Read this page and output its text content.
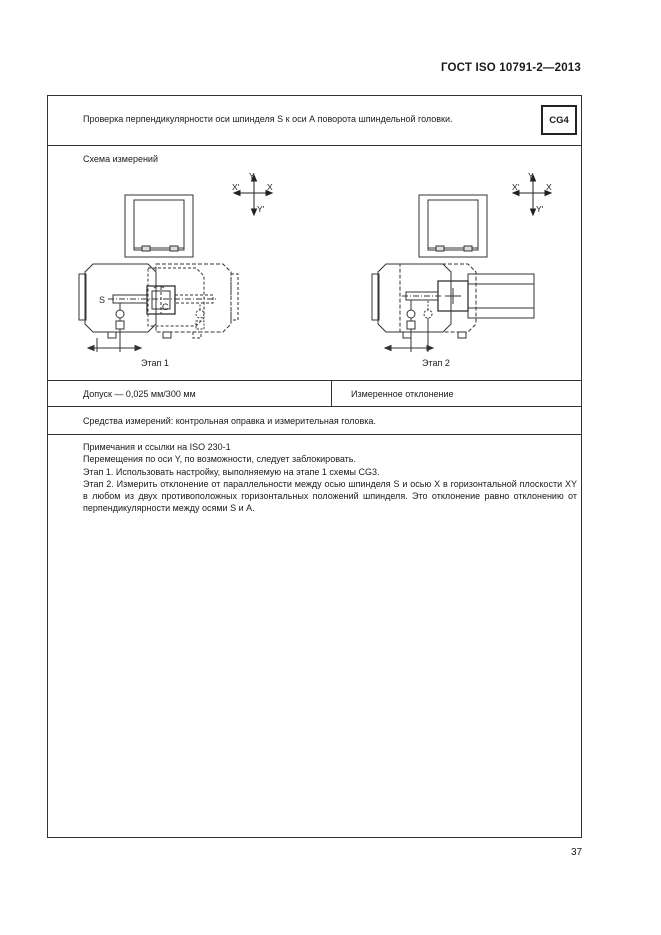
ГОСТ ISO 10791-2—2013
Проверка перпендикулярности оси шпинделя S к оси А поворота шпиндельной головки.	CG4
Схема измерений
Y
Y'
X
X'
S
C
Y
Y'
X
X'
Этап 1	Этап 2
Допуск — 0,025 мм/300 мм	Измеренное отклонение
Средства измерений: контрольная оправка и измерительная головка.

Примечания и ссылки на ISO 230-1

Перемещения по оси Y, по возможности, следует заблокировать.

Этап 1. Использовать настройку, выполняемую на этапе 1 схемы CG3.

Этап 2. Измерить отклонение от параллельности между осью шпинделя S и осью X в горизонтальной плоскости XY в любом из двух противоположных горизонтальных положений шпинделя. Это отклонение равно отклонению от перпендикулярности между осями S и A.

37
